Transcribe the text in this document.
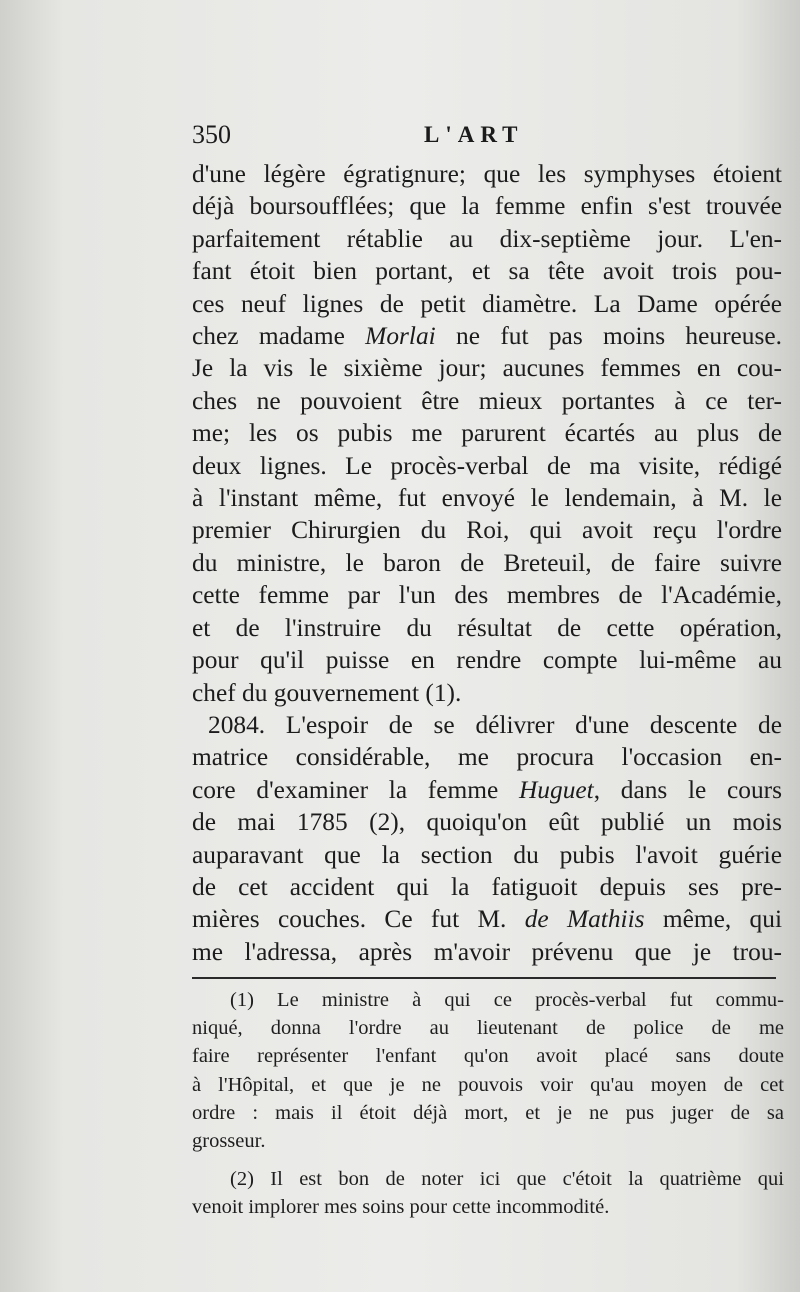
350	L'ART
d'une légère égratignure; que les symphyses étoient
déjà boursoufflées; que la femme enfin s'est trouvée
parfaitement rétablie au dix-septième jour. L'en-
fant étoit bien portant, et sa tête avoit trois pou-
ces neuf lignes de petit diamètre. La Dame opérée
chez madame Morlai ne fut pas moins heureuse.
Je la vis le sixième jour; aucunes femmes en cou-
ches ne pouvoient être mieux portantes à ce ter-
me; les os pubis me parurent écartés au plus de
deux lignes. Le procès-verbal de ma visite, rédigé
à l'instant même, fut envoyé le lendemain, à M. le
premier Chirurgien du Roi, qui avoit reçu l'ordre
du ministre, le baron de Breteuil, de faire suivre
cette femme par l'un des membres de l'Académie,
et de l'instruire du résultat de cette opération,
pour qu'il puisse en rendre compte lui-même au
chef du gouvernement (1).
2084. L'espoir de se délivrer d'une descente de
matrice considérable, me procura l'occasion en-
core d'examiner la femme Huguet, dans le cours
de mai 1785 (2), quoiqu'on eût publié un mois
auparavant que la section du pubis l'avoit guérie
de cet accident qui la fatiguoit depuis ses pre-
mières couches. Ce fut M. de Mathiis même, qui
me l'adressa, après m'avoir prévenu que je trou-
(1) Le ministre à qui ce procès-verbal fut commu-
niqué, donna l'ordre au lieutenant de police de me
faire représenter l'enfant qu'on avoit placé sans doute
à l'Hôpital, et que je ne pouvois voir qu'au moyen de cet
ordre : mais il étoit déjà mort, et je ne pus juger de sa
grosseur.
(2) Il est bon de noter ici que c'étoit la quatrième qui
venoit implorer mes soins pour cette incommodité.
